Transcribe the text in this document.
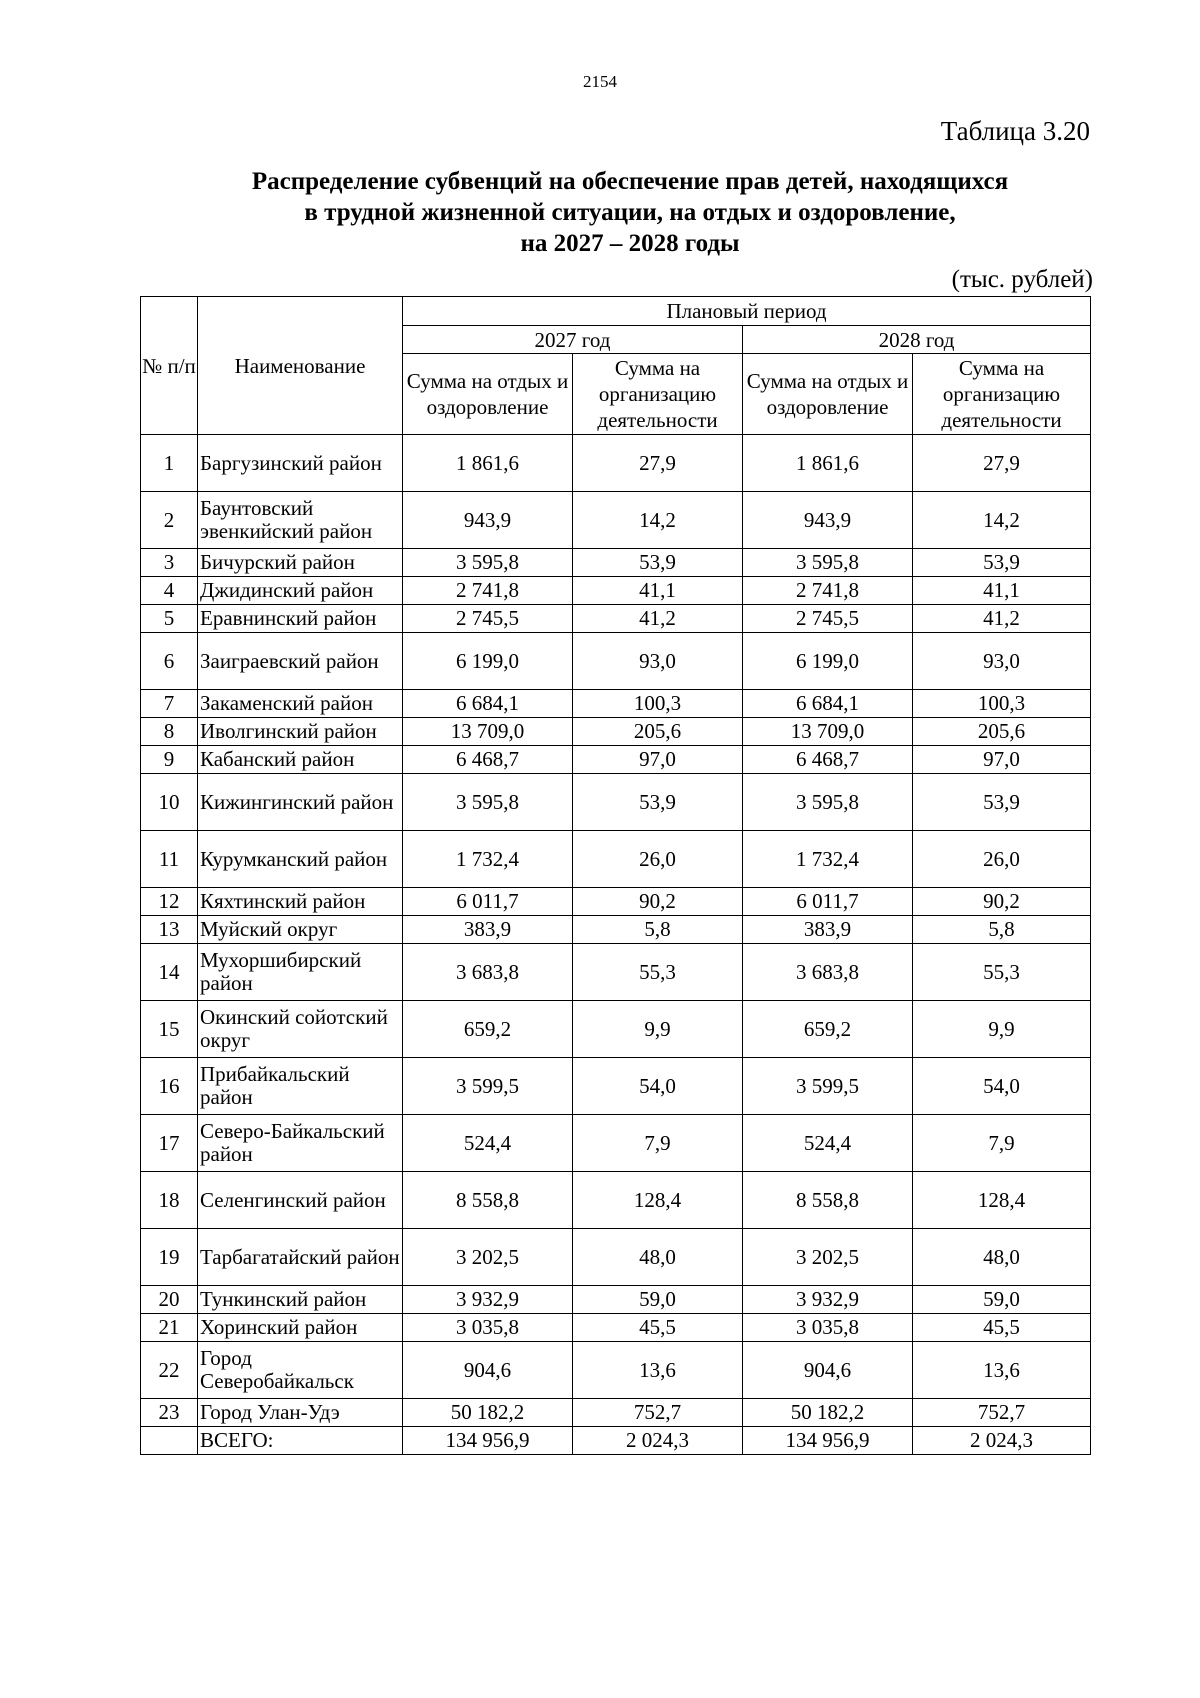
2154
Таблица 3.20
Распределение субвенций на обеспечение прав детей, находящихся
в трудной жизненной ситуации, на отдых и оздоровление,
на 2027 – 2028 годы
(тыс. рублей)
№ п/п	Наименование	Плановый период			
		2027 год		2028 год	
		Сумма на отдых и оздоровление	Сумма на организацию деятельности	Сумма на отдых и оздоровление	Сумма на организацию деятельности
1	Баргузинский район	1 861,6	27,9	1 861,6	27,9
2	Баунтовский эвенкийский район	943,9	14,2	943,9	14,2
3	Бичурский район	3 595,8	53,9	3 595,8	53,9
4	Джидинский район	2 741,8	41,1	2 741,8	41,1
5	Еравнинский район	2 745,5	41,2	2 745,5	41,2
6	Заиграевский район	6 199,0	93,0	6 199,0	93,0
7	Закаменский район	6 684,1	100,3	6 684,1	100,3
8	Иволгинский район	13 709,0	205,6	13 709,0	205,6
9	Кабанский район	6 468,7	97,0	6 468,7	97,0
10	Кижингинский район	3 595,8	53,9	3 595,8	53,9
11	Курумканский район	1 732,4	26,0	1 732,4	26,0
12	Кяхтинский район	6 011,7	90,2	6 011,7	90,2
13	Муйский округ	383,9	5,8	383,9	5,8
14	Мухоршибирский район	3 683,8	55,3	3 683,8	55,3
15	Окинский сойотский округ	659,2	9,9	659,2	9,9
16	Прибайкальский район	3 599,5	54,0	3 599,5	54,0
17	Северо-Байкальский район	524,4	7,9	524,4	7,9
18	Селенгинский район	8 558,8	128,4	8 558,8	128,4
19	Тарбагатайский район	3 202,5	48,0	3 202,5	48,0
20	Тункинский район	3 932,9	59,0	3 932,9	59,0
21	Хоринский район	3 035,8	45,5	3 035,8	45,5
22	Город Северобайкальск	904,6	13,6	904,6	13,6
23	Город Улан-Удэ	50 182,2	752,7	50 182,2	752,7
	ВСЕГО:	134 956,9	2 024,3	134 956,9	2 024,3
